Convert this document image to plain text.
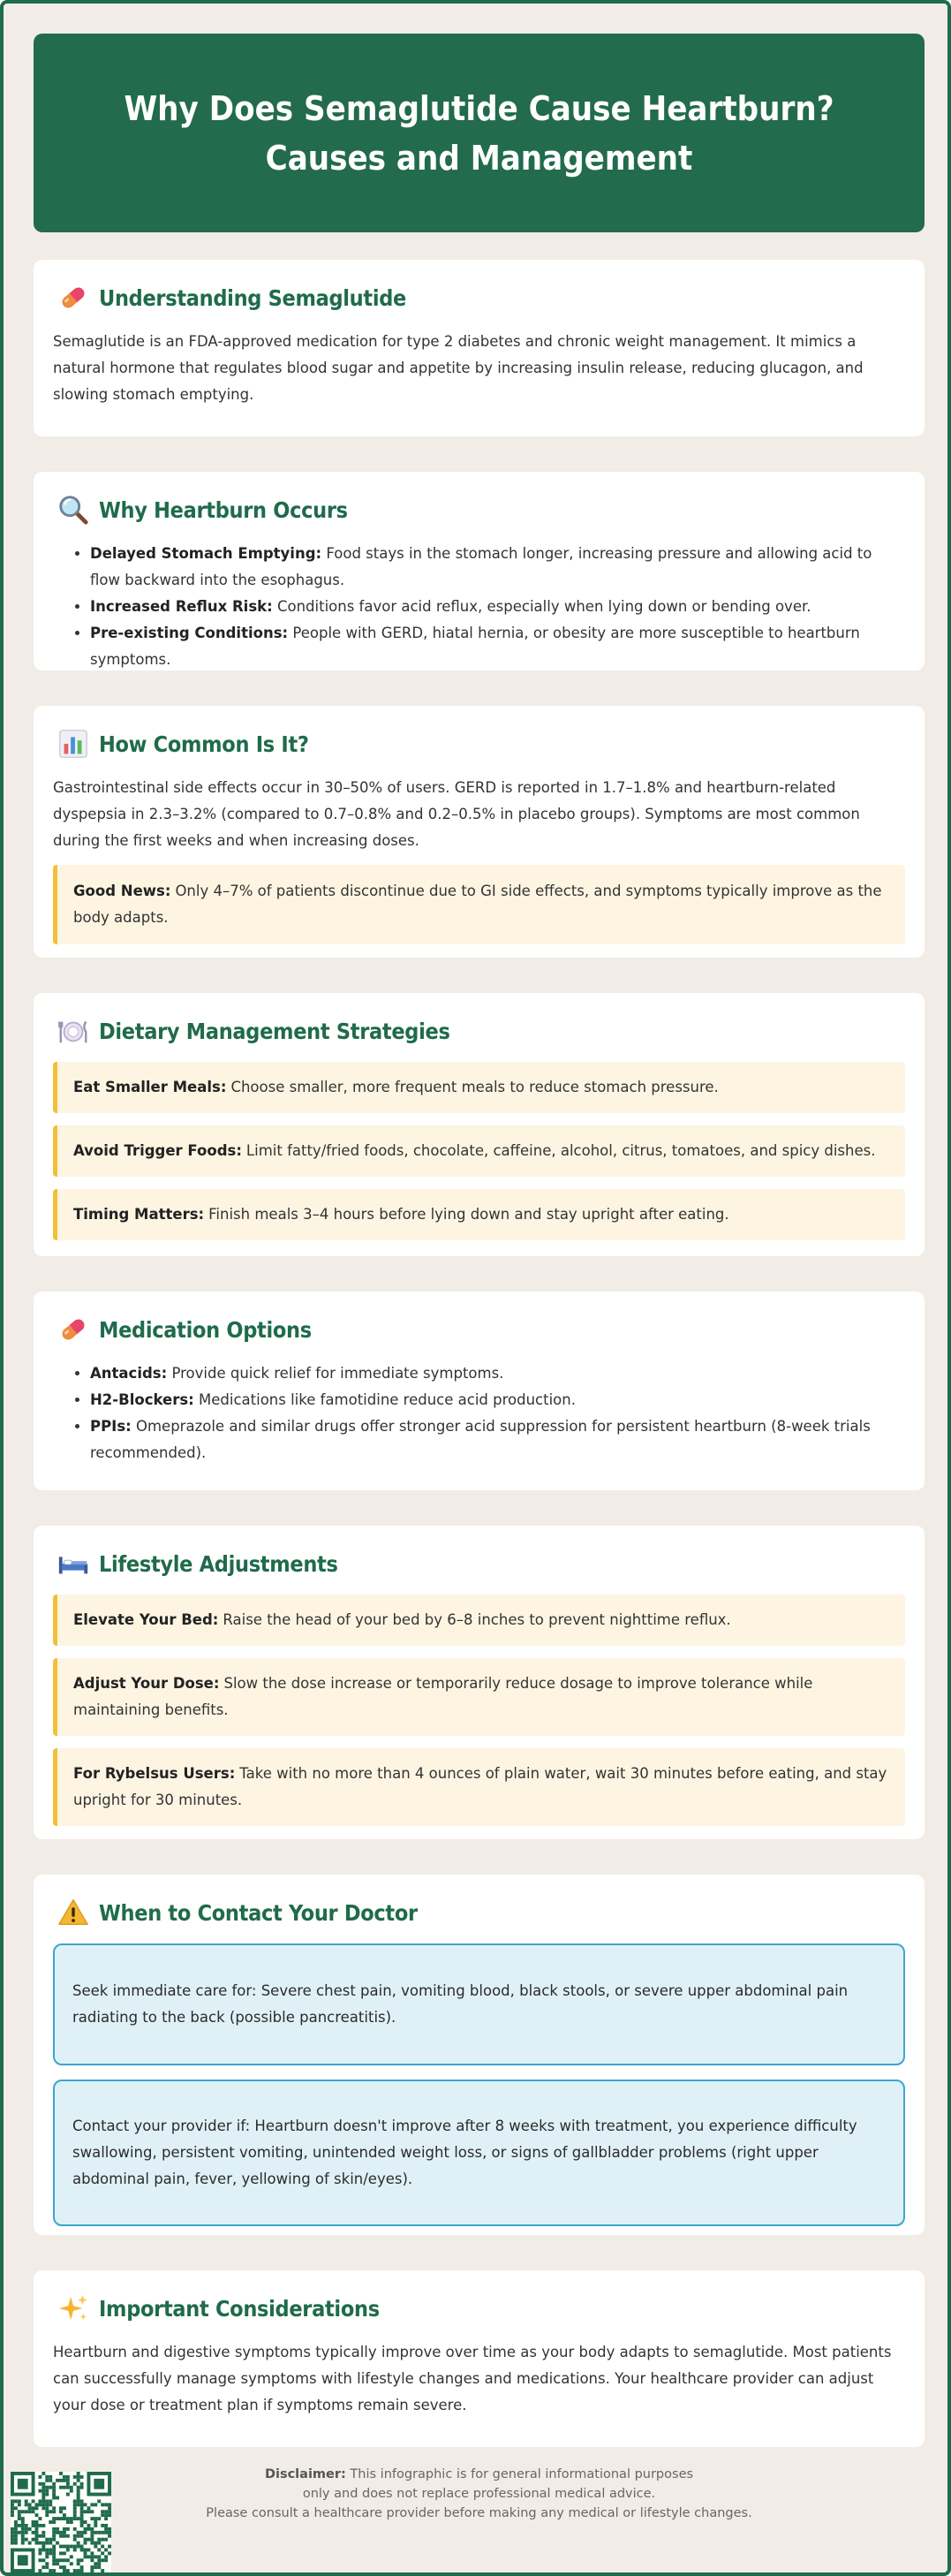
Why Does Semaglutide Cause Heartburn? Causes and Management
Understanding Semaglutide

Semaglutide is an FDA-approved medication for type 2 diabetes and chronic weight management. It mimics a natural hormone that regulates blood sugar and appetite by increasing insulin release, reducing glucagon, and slowing stomach emptying.

Why Heartburn Occurs
• Delayed Stomach Emptying: Food stays in the stomach longer, increasing pressure and allowing acid to flow backward into the esophagus.
• Increased Reflux Risk: Conditions favor acid reflux, especially when lying down or bending over.
• Pre-existing Conditions: People with GERD, hiatal hernia, or obesity are more susceptible to heartburn symptoms.
How Common Is It?

Gastrointestinal side effects occur in 30–50% of users. GERD is reported in 1.7–1.8% and heartburn-related dyspepsia in 2.3–3.2% (compared to 0.7–0.8% and 0.2–0.5% in placebo groups). Symptoms are most common during the first weeks and when increasing doses.

Good News: Only 4–7% of patients discontinue due to GI side effects, and symptoms typically improve as the body adapts.
Dietary Management Strategies
Eat Smaller Meals: Choose smaller, more frequent meals to reduce stomach pressure.
Avoid Trigger Foods: Limit fatty/fried foods, chocolate, caffeine, alcohol, citrus, tomatoes, and spicy dishes.
Timing Matters: Finish meals 3–4 hours before lying down and stay upright after eating.
Medication Options
• Antacids: Provide quick relief for immediate symptoms.
• H2-Blockers: Medications like famotidine reduce acid production.
• PPIs: Omeprazole and similar drugs offer stronger acid suppression for persistent heartburn (8-week trials recommended).
Lifestyle Adjustments
Elevate Your Bed: Raise the head of your bed by 6–8 inches to prevent nighttime reflux.
Adjust Your Dose: Slow the dose increase or temporarily reduce dosage to improve tolerance while maintaining benefits.
For Rybelsus Users: Take with no more than 4 ounces of plain water, wait 30 minutes before eating, and stay upright for 30 minutes.
When to Contact Your Doctor
Seek immediate care for: Severe chest pain, vomiting blood, black stools, or severe upper abdominal pain radiating to the back (possible pancreatitis).
Contact your provider if: Heartburn doesn't improve after 8 weeks with treatment, you experience difficulty swallowing, persistent vomiting, unintended weight loss, or signs of gallbladder problems (right upper abdominal pain, fever, yellowing of skin/eyes).
Important Considerations

Heartburn and digestive symptoms typically improve over time as your body adapts to semaglutide. Most patients can successfully manage symptoms with lifestyle changes and medications. Your healthcare provider can adjust your dose or treatment plan if symptoms remain severe.

Disclaimer: This infographic is for general informational purposes
only and does not replace professional medical advice.
Please consult a healthcare provider before making any medical or lifestyle changes.
